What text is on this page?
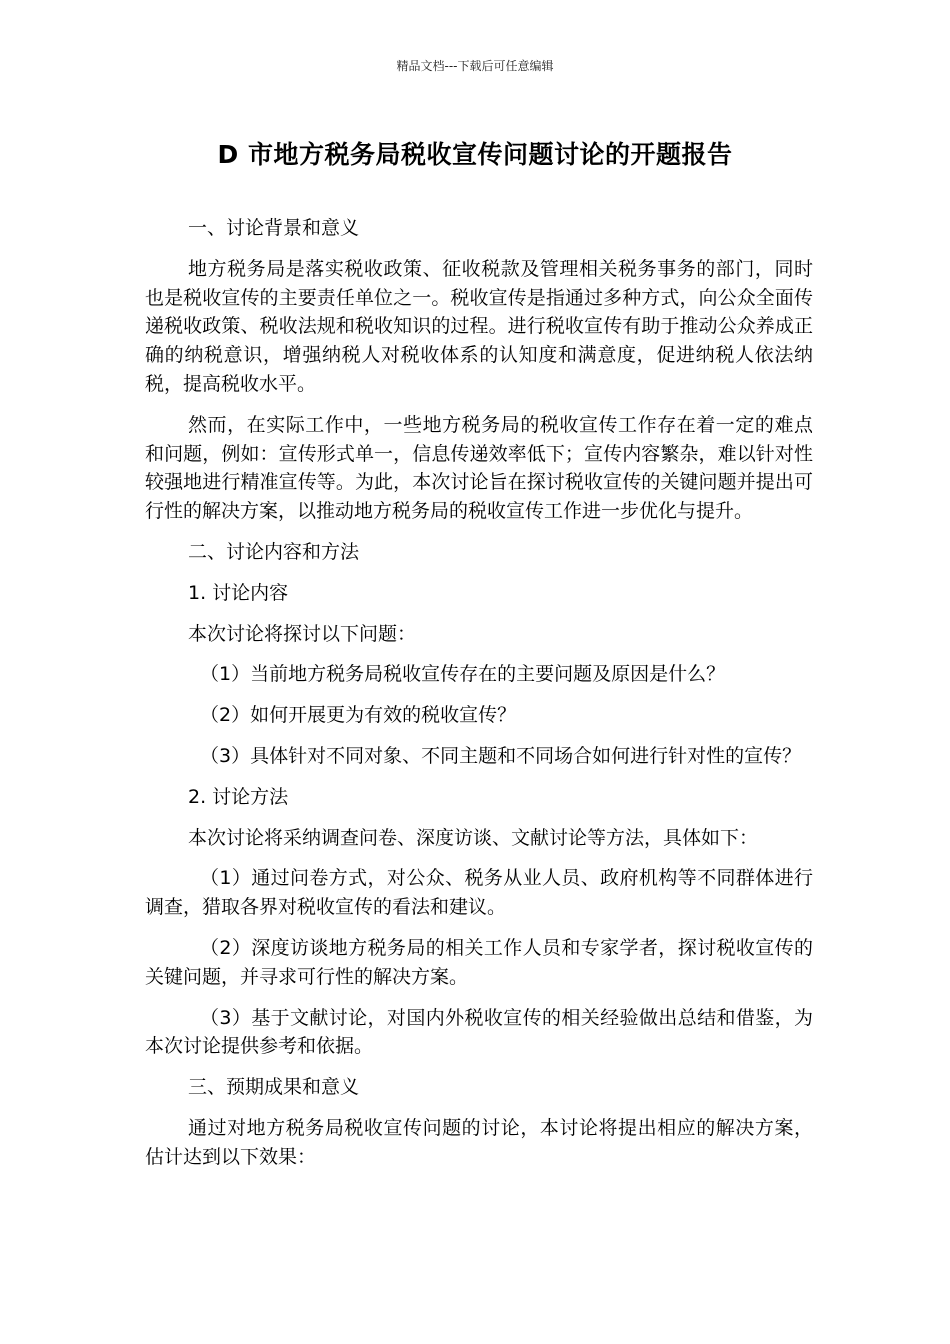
精品文档---下载后可任意编辑
D 市地方税务局税收宣传问题讨论的开题报告

一、讨论背景和意义

地方税务局是落实税收政策、征收税款及管理相关税务事务的部门，同时也是税收宣传的主要责任单位之一。税收宣传是指通过多种方式，向公众全面传递税收政策、税收法规和税收知识的过程。进行税收宣传有助于推动公众养成正确的纳税意识，增强纳税人对税收体系的认知度和满意度，促进纳税人依法纳税，提高税收水平。

然而，在实际工作中，一些地方税务局的税收宣传工作存在着一定的难点和问题，例如：宣传形式单一，信息传递效率低下；宣传内容繁杂，难以针对性较强地进行精准宣传等。为此，本次讨论旨在探讨税收宣传的关键问题并提出可行性的解决方案，以推动地方税务局的税收宣传工作进一步优化与提升。

二、讨论内容和方法

1. 讨论内容

本次讨论将探讨以下问题：

（1）当前地方税务局税收宣传存在的主要问题及原因是什么？

（2）如何开展更为有效的税收宣传？

（3）具体针对不同对象、不同主题和不同场合如何进行针对性的宣传？

2. 讨论方法

本次讨论将采纳调查问卷、深度访谈、文献讨论等方法，具体如下：

（1）通过问卷方式，对公众、税务从业人员、政府机构等不同群体进行调查，猎取各界对税收宣传的看法和建议。

（2）深度访谈地方税务局的相关工作人员和专家学者，探讨税收宣传的关键问题，并寻求可行性的解决方案。

（3）基于文献讨论，对国内外税收宣传的相关经验做出总结和借鉴，为本次讨论提供参考和依据。

三、预期成果和意义

通过对地方税务局税收宣传问题的讨论，本讨论将提出相应的解决方案，估计达到以下效果：
